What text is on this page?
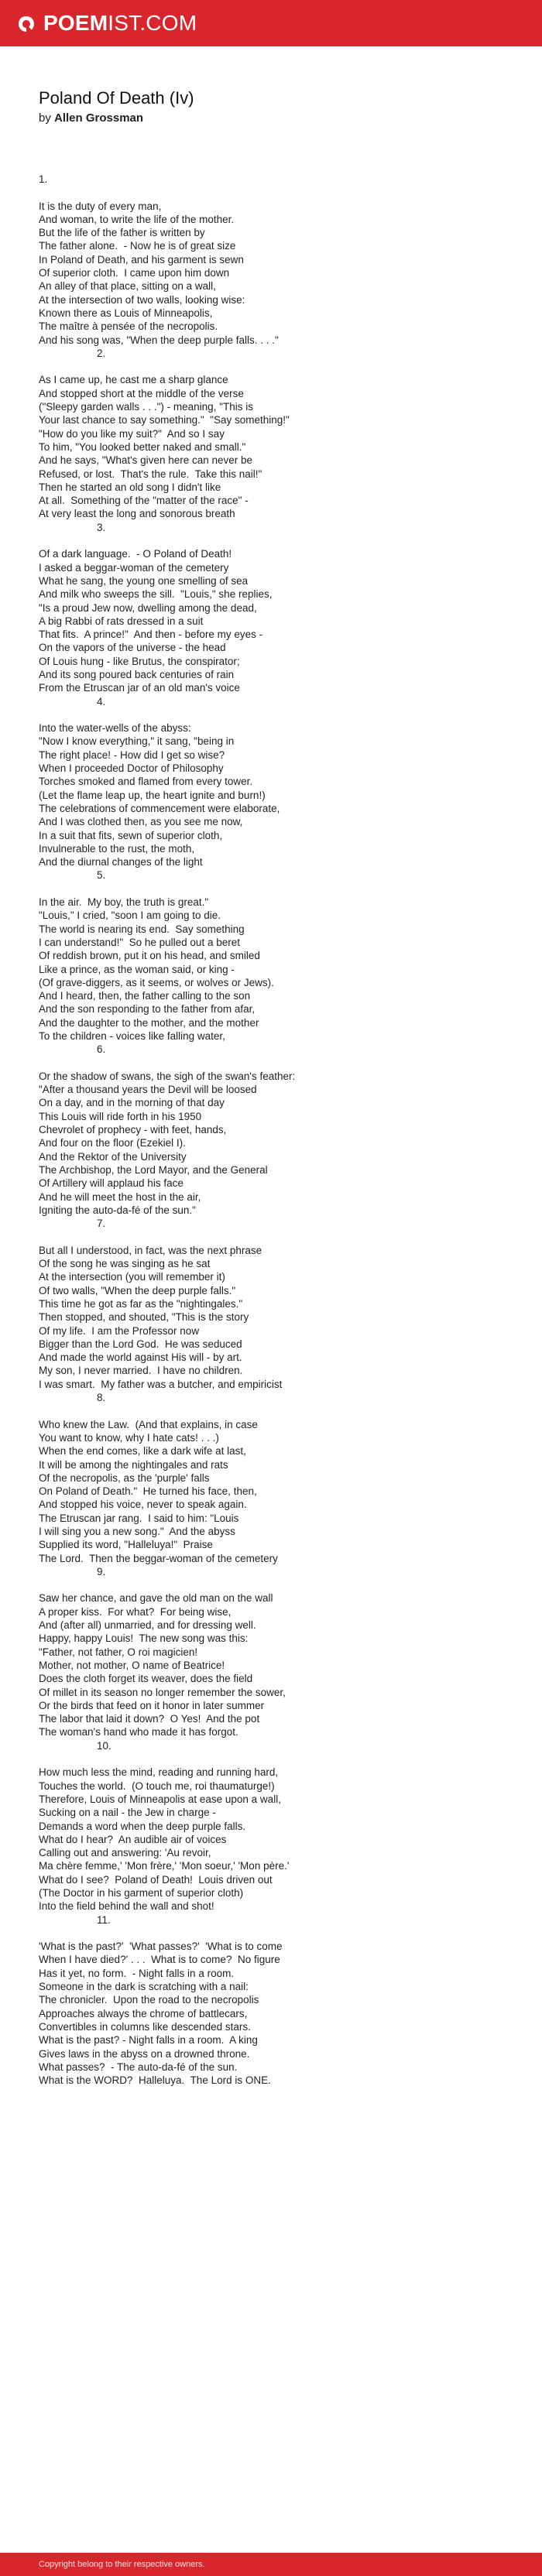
POEM IST.COM
Poland Of Death (Iv)
by Allen Grossman
1.

It is the duty of every man,
And woman, to write the life of the mother.
But the life of the father is written by
The father alone.  - Now he is of great size
In Poland of Death, and his garment is sewn
Of superior cloth.  I came upon him down
An alley of that place, sitting on a wall,
At the intersection of two walls, looking wise:
Known there as Louis of Minneapolis,
The maître à pensée of the necropolis.
And his song was, "When the deep purple falls. . . ."
2.

As I came up, he cast me a sharp glance
And stopped short at the middle of the verse
("Sleepy garden walls . . .") - meaning, "This is
Your last chance to say something."  "Say something!"
"How do you like my suit?"  And so I say
To him, "You looked better naked and small."
And he says, "What's given here can never be
Refused, or lost.  That's the rule.  Take this nail!"
Then he started an old song I didn't like
At all.  Something of the "matter of the race" -
At very least the long and sonorous breath
3.

Of a dark language.  - O Poland of Death!
I asked a beggar-woman of the cemetery
What he sang, the young one smelling of sea
And milk who sweeps the sill.  "Louis," she replies,
"Is a proud Jew now, dwelling among the dead,
A big Rabbi of rats dressed in a suit
That fits.  A prince!"  And then - before my eyes -
On the vapors of the universe - the head
Of Louis hung - like Brutus, the conspirator;
And its song poured back centuries of rain
From the Etruscan jar of an old man's voice
4.

Into the water-wells of the abyss:
"Now I know everything," it sang, "being in
The right place! - How did I get so wise?
When I proceeded Doctor of Philosophy
Torches smoked and flamed from every tower.
(Let the flame leap up, the heart ignite and burn!)
The celebrations of commencement were elaborate,
And I was clothed then, as you see me now,
In a suit that fits, sewn of superior cloth,
Invulnerable to the rust, the moth,
And the diurnal changes of the light
5.

In the air.  My boy, the truth is great."
"Louis," I cried, "soon I am going to die.
The world is nearing its end.  Say something
I can understand!"  So he pulled out a beret
Of reddish brown, put it on his head, and smiled
Like a prince, as the woman said, or king -
(Of grave-diggers, as it seems, or wolves or Jews).
And I heard, then, the father calling to the son
And the son responding to the father from afar,
And the daughter to the mother, and the mother
To the children - voices like falling water,
6.

Or the shadow of swans, the sigh of the swan's feather:
"After a thousand years the Devil will be loosed
On a day, and in the morning of that day
This Louis will ride forth in his 1950
Chevrolet of prophecy - with feet, hands,
And four on the floor (Ezekiel I).
And the Rektor of the University
The Archbishop, the Lord Mayor, and the General
Of Artillery will applaud his face
And he will meet the host in the air,
Igniting the auto-da-fé of the sun."
7.

But all I understood, in fact, was the next phrase
Of the song he was singing as he sat
At the intersection (you will remember it)
Of two walls, "When the deep purple falls."
This time he got as far as the "nightingales."
Then stopped, and shouted, "This is the story
Of my life.  I am the Professor now
Bigger than the Lord God.  He was seduced
And made the world against His will - by art.
My son, I never married.  I have no children.
I was smart.  My father was a butcher, and empiricist
8.

Who knew the Law.  (And that explains, in case
You want to know, why I hate cats! . . .)
When the end comes, like a dark wife at last,
It will be among the nightingales and rats
Of the necropolis, as the 'purple' falls
On Poland of Death."  He turned his face, then,
And stopped his voice, never to speak again.
The Etruscan jar rang.  I said to him: "Louis
I will sing you a new song."  And the abyss
Supplied its word, "Halleluya!"  Praise
The Lord.  Then the beggar-woman of the cemetery
9.

Saw her chance, and gave the old man on the wall
A proper kiss.  For what?  For being wise,
And (after all) unmarried, and for dressing well.
Happy, happy Louis!  The new song was this:
"Father, not father, O roi magicien!
Mother, not mother, O name of Beatrice!
Does the cloth forget its weaver, does the field
Of millet in its season no longer remember the sower,
Or the birds that feed on it honor in later summer
The labor that laid it down?  O Yes!  And the pot
The woman's hand who made it has forgot.
10.

How much less the mind, reading and running hard,
Touches the world.  (O touch me, roi thaumaturge!)
Therefore, Louis of Minneapolis at ease upon a wall,
Sucking on a nail - the Jew in charge -
Demands a word when the deep purple falls.
What do I hear?  An audible air of voices
Calling out and answering: 'Au revoir,
Ma chère femme,' 'Mon frère,' 'Mon soeur,' 'Mon père.'
What do I see?  Poland of Death!  Louis driven out
(The Doctor in his garment of superior cloth)
Into the field behind the wall and shot!
11.

'What is the past?'  'What passes?'  'What is to come
When I have died?' . . .  What is to come?  No figure
Has it yet, no form.  - Night falls in a room.
Someone in the dark is scratching with a nail:
The chronicler.  Upon the road to the necropolis
Approaches always the chrome of battlecars,
Convertibles in columns like descended stars.
What is the past? - Night falls in a room.  A king
Gives laws in the abyss on a drowned throne.
What passes?  - The auto-da-fé of the sun.
What is the WORD?  Halleluya.  The Lord is ONE.
Copyright belong to their respective owners.
